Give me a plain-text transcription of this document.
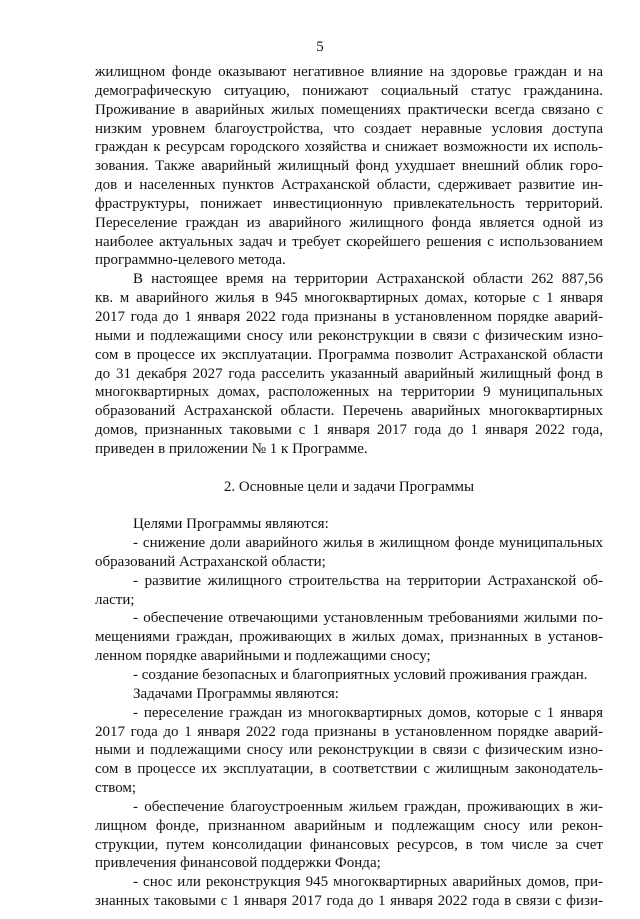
5
жилищном фонде оказывают негативное влияние на здоровье граждан и на
демографическую ситуацию, понижают социальный статус гражданина.
Проживание в аварийных жилых помещениях практически всегда связано с
низким уровнем благоустройства, что создает неравные условия доступа
граждан к ресурсам городского хозяйства и снижает возможности их исполь-
зования. Также аварийный жилищный фонд ухудшает внешний облик горо-
дов и населенных пунктов Астраханской области, сдерживает развитие ин-
фраструктуры, понижает инвестиционную привлекательность территорий.
Переселение граждан из аварийного жилищного фонда является одной из
наиболее актуальных задач и требует скорейшего решения с использованием
программно-целевого метода.
В настоящее время на территории Астраханской области 262 887,56
кв. м аварийного жилья в 945 многоквартирных домах, которые с 1 января
2017 года до 1 января 2022 года признаны в установленном порядке аварий-
ными и подлежащими сносу или реконструкции в связи с физическим изно-
сом в процессе их эксплуатации. Программа позволит Астраханской области
до 31 декабря 2027 года расселить указанный аварийный жилищный фонд в
многоквартирных домах, расположенных на территории 9 муниципальных
образований Астраханской области. Перечень аварийных многоквартирных
домов, признанных таковыми с 1 января 2017 года до 1 января 2022 года,
приведен в приложении № 1 к Программе.
2. Основные цели и задачи Программы
Целями Программы являются:
- снижение доли аварийного жилья в жилищном фонде муниципальных
образований Астраханской области;
- развитие жилищного строительства на территории Астраханской об-
ласти;
- обеспечение отвечающими установленным требованиями жилыми по-
мещениями граждан, проживающих в жилых домах, признанных в установ-
ленном порядке аварийными и подлежащими сносу;
- создание безопасных и благоприятных условий проживания граждан.
Задачами Программы являются:
- переселение граждан из многоквартирных домов, которые с 1 января
2017 года до 1 января 2022 года признаны в установленном порядке аварий-
ными и подлежащими сносу или реконструкции в связи с физическим изно-
сом в процессе их эксплуатации, в соответствии с жилищным законодатель-
ством;
- обеспечение благоустроенным жильем граждан, проживающих в жи-
лищном фонде, признанном аварийным и подлежащим сносу или рекон-
струкции, путем консолидации финансовых ресурсов, в том числе за счет
привлечения финансовой поддержки Фонда;
- снос или реконструкция 945 многоквартирных аварийных домов, при-
знанных таковыми с 1 января 2017 года до 1 января 2022 года в связи с физи-
